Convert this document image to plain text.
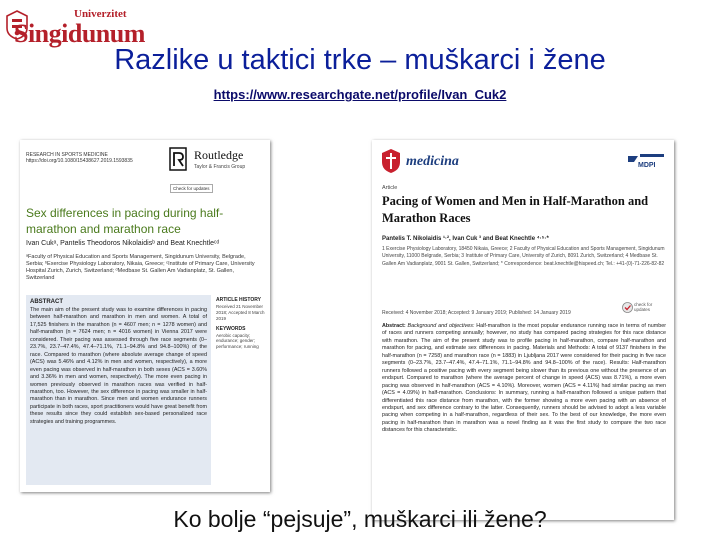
Univerzitet
Singidunum
Razlike u taktici trke – muškarci i žene
https://www.researchgate.net/profile/Ivan_Cuk2
RESEARCH IN SPORTS MEDICINE
https://doi.org/10.1080/15438627.2019.1593835	Routledge
Taylor & Francis Group
Check for updates
Sex differences in pacing during half-marathon and marathon race
Ivan Cukᵃ, Pantelis Theodoros Nikolaidisᵇ and Beat Knechtleᶜᵈ
ᵃFaculty of Physical Education and Sports Management, Singidunum University, Belgrade, Serbia; ᵇExercise Physiology Laboratory, Nikaia, Greece; ᶜInstitute of Primary Care, University Hospital Zurich, Zurich, Switzerland; ᵈMedbase St. Gallen Am Vadianplatz, St. Gallen, Switzerland
ABSTRACT
The main aim of the present study was to examine differences in pacing between half-marathon and marathon in men and women. A total of 17,525 finishers in the marathon (n = 4607 men; n = 1278 women) and half-marathon (n = 7624 men; n = 4016 women) in Vienna 2017 were considered. Their pacing was assessed through five race segments (0–23.7%, 23.7–47.4%, 47.4–71.1%, 71.1–94.8% and 94.8–100%) of the race. Compared to marathon (where absolute average change of speed (ACS) was 5.46% and 4.12% in men and women, respectively), a more even pacing was observed in half-marathon in both sexes (ACS = 3.60% and 3.36% in men and women, respectively). The more even pacing in women previously observed in marathon races was verified in half-marathon, too. However, the sex difference in pacing was smaller in half-marathon than in marathon. Since men and women endurance runners participate in both races, sport practitioners would have great benefit from these results since they could establish sex-based personalized race strategies and training programmes.
ARTICLE HISTORY
Received 21 November 2018; Accepted 8 March 2019
KEYWORDS
Aerobic capacity; endurance; gender; performance; running
medicina	MDPI
Article
Pacing of Women and Men in Half-Marathon and Marathon Races
Pantelis T. Nikolaidis ¹·², Ivan Cuk ³ and Beat Knechtle ⁴·⁵·*
1 Exercise Physiology Laboratory, 18450 Nikaia, Greece; 2 Faculty of Physical Education and Sports Management, Singidunum University, 11000 Belgrade, Serbia; 3 Institute of Primary Care, University of Zurich, 8091 Zurich, Switzerland; 4 Medbase St. Gallen Am Vadianplatz, 9001 St. Gallen, Switzerland; * Correspondence: beat.knechtle@hispeed.ch; Tel.: +41-(0)-71-226-82-82
Received: 4 November 2018; Accepted: 9 January 2019; Published: 14 January 2019
check for updates
Abstract: Background and objectives: Half-marathon is the most popular endurance running race in terms of number of races and runners competing annually; however, no study has compared pacing strategies for this race distance with marathon. The aim of the present study was to profile pacing in half-marathon, compare half-marathon and marathon for pacing, and estimate sex differences in pacing. Materials and Methods: A total of 9137 finishers in the half-marathon (n = 7258) and marathon race (n = 1883) in Ljubljana 2017 were considered for their pacing in five race segments (0–23.7%, 23.7–47.4%, 47.4–71.1%, 71.1–94.8% and 94.8–100% of the race). Results: Half-marathon runners followed a positive pacing with every segment being slower than its previous one without the presence of an endspurt. Compared to marathon (where the average percent of change in speed (ACS) was 8.71%), a more even pacing was observed in half-marathon (ACS = 4.10%). Moreover, women (ACS = 4.11%) had similar pacing as men (ACS = 4.09%) in half-marathon. Conclusions: In summary, running a half-marathon followed a unique pattern that differentiated this race distance from marathon, with the former showing a more even pacing with an absence of endspurt, and sex difference contrary to the latter. Consequently, runners should be advised to adopt a less variable pacing when competing in a half-marathon, regardless of their sex. To the best of our knowledge, the more even pacing in half-marathon than in marathon was a novel finding as it was the first study to compare the two race distances for this characteristic.
Ko bolje “pejsuje”, muškarci ili žene?
